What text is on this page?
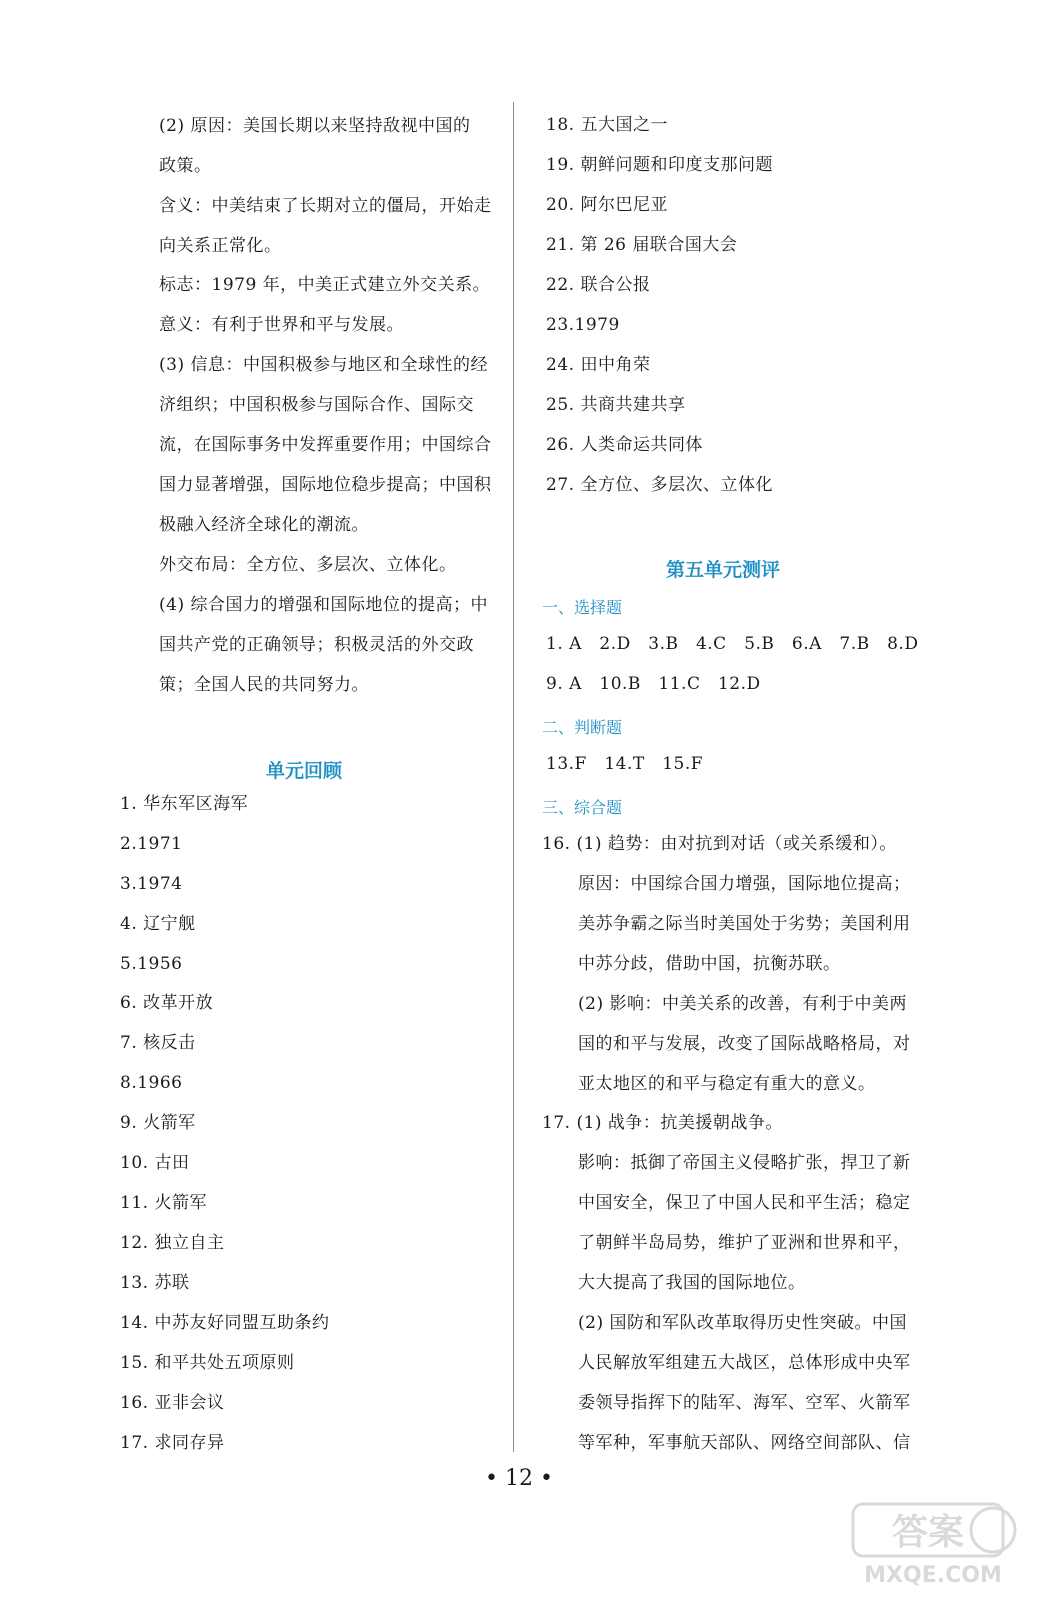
(2) 原因：美国长期以来坚持敌视中国的
政策。
含义：中美结束了长期对立的僵局，开始走
向关系正常化。
标志：1979 年，中美正式建立外交关系。
意义：有利于世界和平与发展。
(3) 信息：中国积极参与地区和全球性的经
济组织；中国积极参与国际合作、国际交
流，在国际事务中发挥重要作用；中国综合
国力显著增强，国际地位稳步提高；中国积
极融入经济全球化的潮流。
外交布局：全方位、多层次、立体化。
(4) 综合国力的增强和国际地位的提高；中
国共产党的正确领导；积极灵活的外交政
策；全国人民的共同努力。
单元回顾
1. 华东军区海军
2.1971
3.1974
4. 辽宁舰
5.1956
6. 改革开放
7. 核反击
8.1966
9. 火箭军
10. 古田
11. 火箭军
12. 独立自主
13. 苏联
14. 中苏友好同盟互助条约
15. 和平共处五项原则
16. 亚非会议
17. 求同存异
18. 五大国之一
19. 朝鲜问题和印度支那问题
20. 阿尔巴尼亚
21. 第 26 届联合国大会
22. 联合公报
23.1979
24. 田中角荣
25. 共商共建共享
26. 人类命运共同体
27. 全方位、多层次、立体化
第五单元测评
一、选择题
1. A　2.D　3.B　4.C　5.B　6.A　7.B　8.D
9. A　10.B　11.C　12.D
二、判断题
13.F　14.T　15.F
三、综合题
16. (1) 趋势：由对抗到对话（或关系缓和）。
原因：中国综合国力增强，国际地位提高；
美苏争霸之际当时美国处于劣势；美国利用
中苏分歧，借助中国，抗衡苏联。
(2) 影响：中美关系的改善，有利于中美两
国的和平与发展，改变了国际战略格局，对
亚太地区的和平与稳定有重大的意义。
17. (1) 战争：抗美援朝战争。
影响：抵御了帝国主义侵略扩张，捍卫了新
中国安全，保卫了中国人民和平生活；稳定
了朝鲜半岛局势，维护了亚洲和世界和平，
大大提高了我国的国际地位。
(2) 国防和军队改革取得历史性突破。中国
人民解放军组建五大战区，总体形成中央军
委领导指挥下的陆军、海军、空军、火箭军
等军种，军事航天部队、网络空间部队、信
• 12 •
答案
MXQE.COM
